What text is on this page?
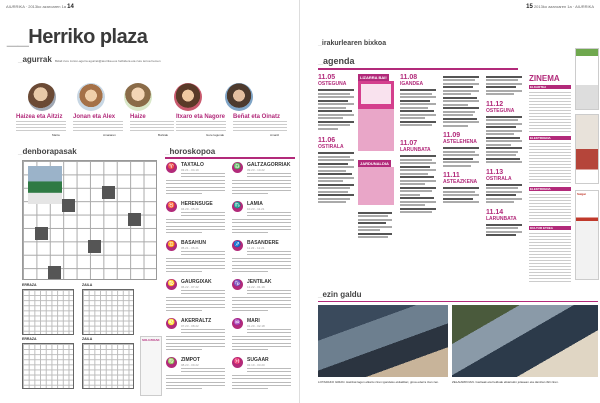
AIURRIKA · 2013ko azaroaren 1a 14
__ Herriko plaza
_ agurrak Bidali zure zorion-agurra agurrak@aiurrika.eus helbidera eta zure lerroa hemen
Haizea eta Aitziz Jonan eta Alex Haize	Itxaro eta Nagore Beñat eta Oinatz

Marta	Amaiaren	Burkiak	Gure lagunak	Amaitz
_ denborapasak
ERRAZA	ZAILA
ERRAZA	ZAILA	SOLUZIOAK
_ horoskopoa
♈	TAXTALO
03.21 - 04.19
♉	HERENSUGE
04.20 - 05.20
♊	BASAHUN
05.21 - 06.21
♋	GAURGIXAK
06.22 - 07.22
♌	AKERRALTZ
07.23 - 08.22
♍	ZIMPOT
08.23 - 09.22
♎	GALTZAGORRIAK
09.23 - 10.22
♏	LAMIA
10.23 - 11.21
♐	BASANDERE
11.22 - 12.21
♑	JENTILAK
12.22 - 01.19
♒	MARI
01.20 - 02.18
♓	SUGAAR
02.19 - 03.20
15 2013ko azaroaren 1a · AIURRIKA
_ irakurlearen bixkoa
_ agenda
11.05
OSTEGUNA
11.06
OSTIRALA
LIZARRA BAI!
JARDUNALDIA
11.07
LARUNBATA
11.08
IGANDEA
11.09
ASTELEHENA
11.11
ASTEAZKENA
11.12
OSTEGUNA
11.13
OSTIRALA
11.14
LARUNBATA
ZINEMA
ELKARTEA
ELEKTROENA
ELEKTROENA
KULTUR ETXEA
Salgai
_ ezin galdu
LOTARAKO GIRAN. Hainbat lagun elkartu ziren igandeko ekitaldian; giroa ederra izan zen.	ZELAIARIKOAN. Gazteak eta helduak elkarrekin jolasean eta dantzan ibili ziren.
